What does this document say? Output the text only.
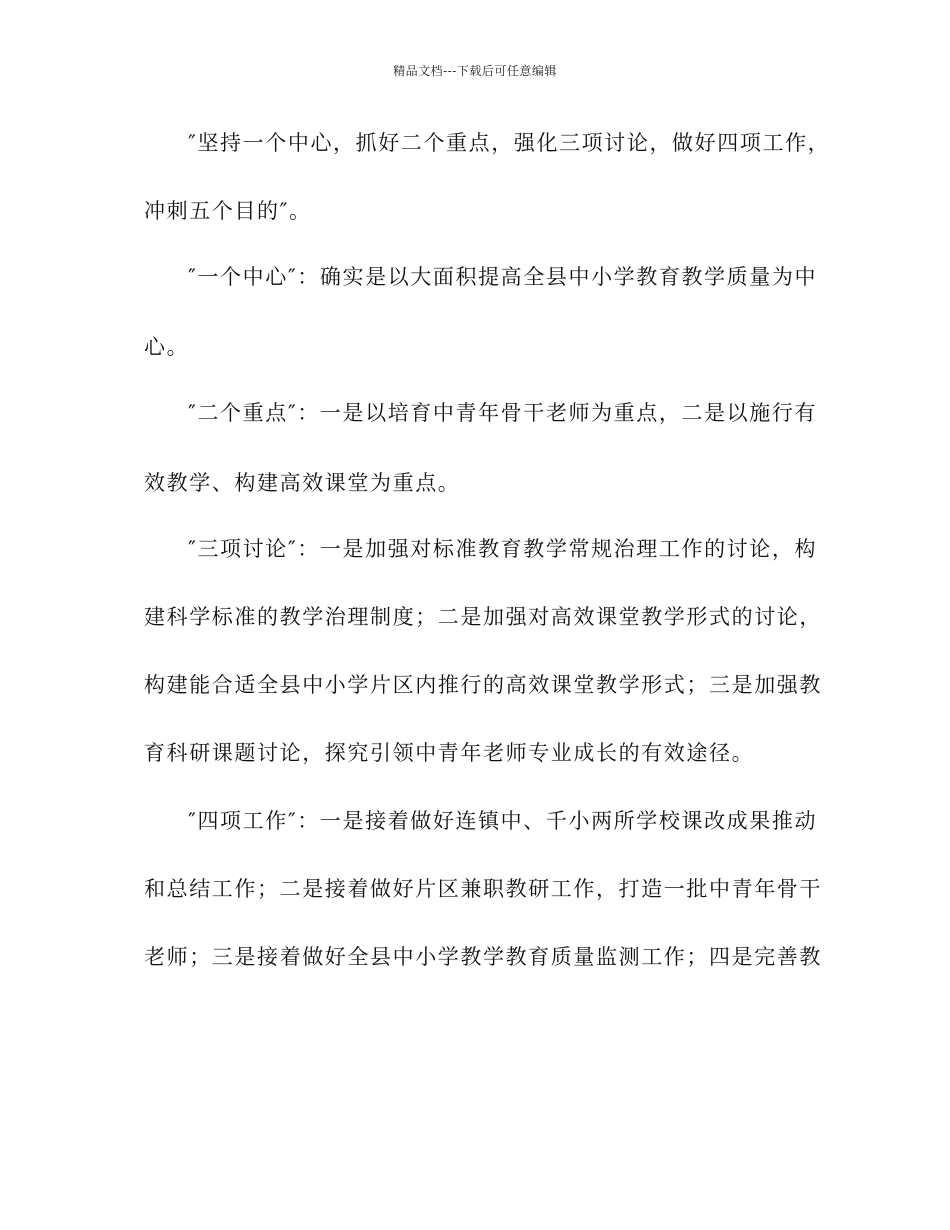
精品文档---下载后可任意编辑
″坚持一个中心，抓好二个重点，强化三项讨论，做好四项工作，
冲刺五个目的″。
″一个中心″：确实是以大面积提高全县中小学教育教学质量为中
心。
″二个重点″：一是以培育中青年骨干老师为重点，二是以施行有
效教学、构建高效课堂为重点。
″三项讨论″：一是加强对标准教育教学常规治理工作的讨论，构
建科学标准的教学治理制度；二是加强对高效课堂教学形式的讨论，
构建能合适全县中小学片区内推行的高效课堂教学形式；三是加强教
育科研课题讨论，探究引领中青年老师专业成长的有效途径。
″四项工作″：一是接着做好连镇中、千小两所学校课改成果推动
和总结工作；二是接着做好片区兼职教研工作，打造一批中青年骨干
老师；三是接着做好全县中小学教学教育质量监测工作；四是完善教
